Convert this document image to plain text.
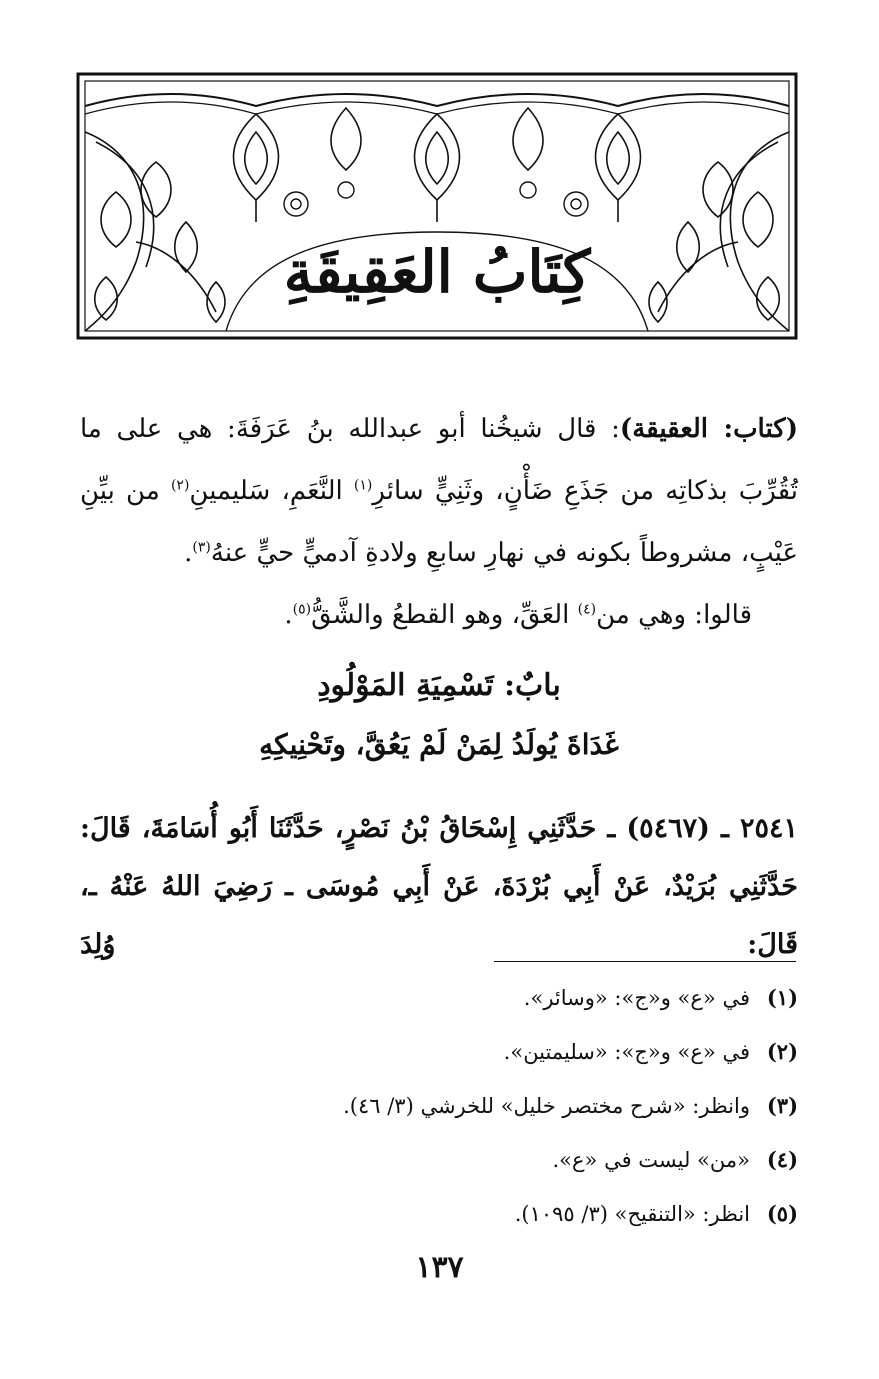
كِتَابُ العَقِيقَةِ

(كتاب: العقيقة): قال شيخُنا أبو عبدالله بنُ عَرَفَةَ: هي على ما تُقُرِّبَ بذكاتِه من جَذَعِ ضَأْنٍ، وثَنِيٍّ سائرِ$^{(١)}$ النَّعَمِ، سَليمينِ$^{(٢)}$ من بيِّنِ عَيْبٍ، مشروطاً بكونه في نهارِ سابعِ ولادةِ آدميٍّ حيٍّ عنهُ$^{(٣)}$.

قالوا: وهي من$^{(٤)}$ العَقِّ، وهو القطعُ والشَّقُّ$^{(٥)}$.

بابٌ: تَسْمِيَةِ المَوْلُودِ
غَدَاةَ يُولَدُ لِمَنْ لَمْ يَعُقَّ، وتَحْنِيكِهِ
٢٥٤١ ـ (٥٤٦٧) ـ حَدَّثَنِي إِسْحَاقُ بْنُ نَصْرٍ، حَدَّثَنَا أَبُو أُسَامَةَ، قَالَ:
حَدَّثَنِي بُرَيْدٌ، عَنْ أَبِي بُرْدَةَ، عَنْ أَبِي مُوسَى ـ رَضِيَ اللهُ عَنْهُ ـ، قَالَ: وُلِدَ
(١)
في «ع» و«ج»: «وسائر».
(٢)
في «ع» و«ج»: «سليمتين».
(٣)
وانظر: «شرح مختصر خليل» للخرشي (٣/ ٤٦).
(٤)
«من» ليست في «ع».
(٥)
انظر: «التنقيح» (٣/ ١٠٩٥).
١٣٧
